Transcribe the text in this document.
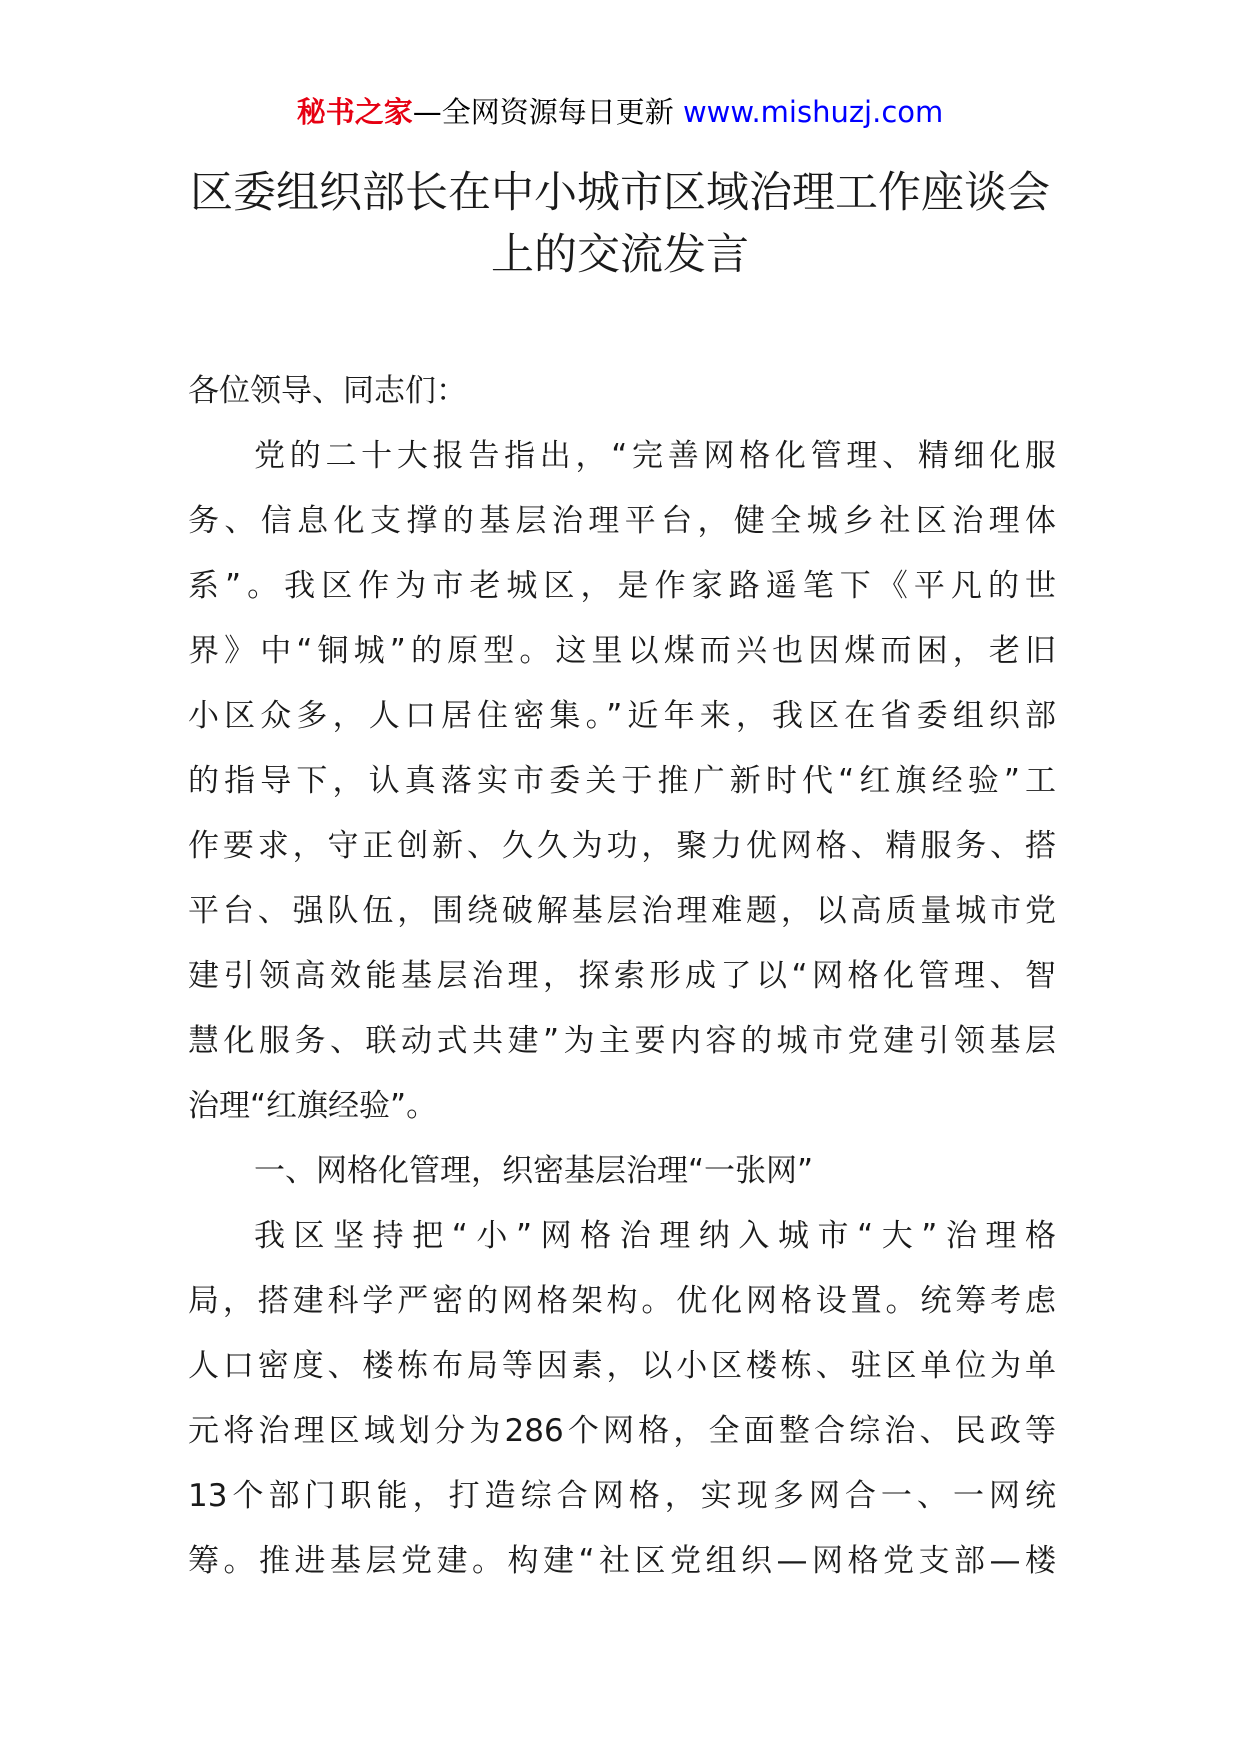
秘书之家—全网资源每日更新 www.mishuzj.com
区委组织部长在中小城市区域治理工作座谈会
上的交流发言
各位领导、同志们：
党的二十大报告指出，“完善网格化管理、精细化服
务、信息化支撑的基层治理平台，健全城乡社区治理体
系”。我区作为市老城区，是作家路遥笔下《平凡的世
界》中“铜城”的原型。这里以煤而兴也因煤而困，老旧
小区众多，人口居住密集。”近年来，我区在省委组织部
的指导下，认真落实市委关于推广新时代“红旗经验”工
作要求，守正创新、久久为功，聚力优网格、精服务、搭
平台、强队伍，围绕破解基层治理难题，以高质量城市党
建引领高效能基层治理，探索形成了以“网格化管理、智
慧化服务、联动式共建”为主要内容的城市党建引领基层
治理“红旗经验”。
一、网格化管理，织密基层治理“一张网”
我区坚持把“小”网格治理纳入城市“大”治理格
局，搭建科学严密的网格架构。优化网格设置。统筹考虑
人口密度、楼栋布局等因素，以小区楼栋、驻区单位为单
元将治理区域划分为286个网格，全面整合综治、民政等
13个部门职能，打造综合网格，实现多网合一、一网统
筹。推进基层党建。构建“社区党组织—网格党支部—楼
